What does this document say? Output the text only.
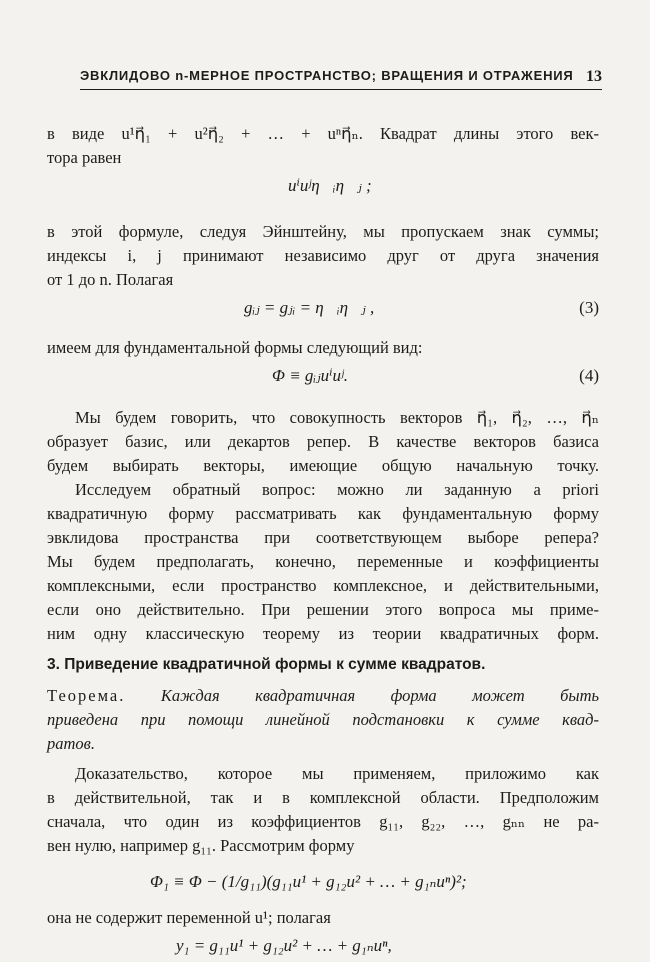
ЭВКЛИДОВО n-МЕРНОЕ ПРОСТРАНСТВО; ВРАЩЕНИЯ И ОТРАЖЕНИЯ 13
в виде u¹η⃗₁ + u²η⃗₂ + … + uⁿη⃗ₙ. Квадрат длины этого век-
тора равен
uⁱuʲη⃗ᵢη⃗ⱼ ;
в этой формуле, следуя Эйнштейну, мы пропускаем знак суммы;
индексы i, j принимают независимо друг от друга значения
от 1 до n. Полагая
gᵢⱼ = gⱼᵢ = η⃗ᵢη⃗ⱼ ,	(3)
имеем для фундаментальной формы следующий вид:
Φ ≡ gᵢⱼuⁱuʲ.	(4)
Мы будем говорить, что совокупность векторов η⃗₁, η⃗₂, …, η⃗ₙ
образует базис, или декартов репер. В качестве векторов базиса
будем выбирать векторы, имеющие общую начальную точку.
Исследуем обратный вопрос: можно ли заданную a priori
квадратичную форму рассматривать как фундаментальную форму
эвклидова пространства при соответствующем выборе репера?
Мы будем предполагать, конечно, переменные и коэффициенты
комплексными, если пространство комплексное, и действительными,
если оно действительно. При решении этого вопроса мы приме-
ним одну классическую теорему из теории квадратичных форм.
3. Приведение квадратичной формы к сумме квадратов.
Теорема. Каждая квадратичная форма может быть
приведена при помощи линейной подстановки к сумме квад-
ратов.
Доказательство, которое мы применяем, приложимо как
в действительной, так и в комплексной области. Предположим
сначала, что один из коэффициентов g₁₁, g₂₂, …, gₙₙ не ра-
вен нулю, например g₁₁. Рассмотрим форму
Φ₁ ≡ Φ − (1/g₁₁)(g₁₁u¹ + g₁₂u² + … + g₁ₙuⁿ)²;
она не содержит переменной u¹; полагая
y₁ = g₁₁u¹ + g₁₂u² + … + g₁ₙuⁿ,
